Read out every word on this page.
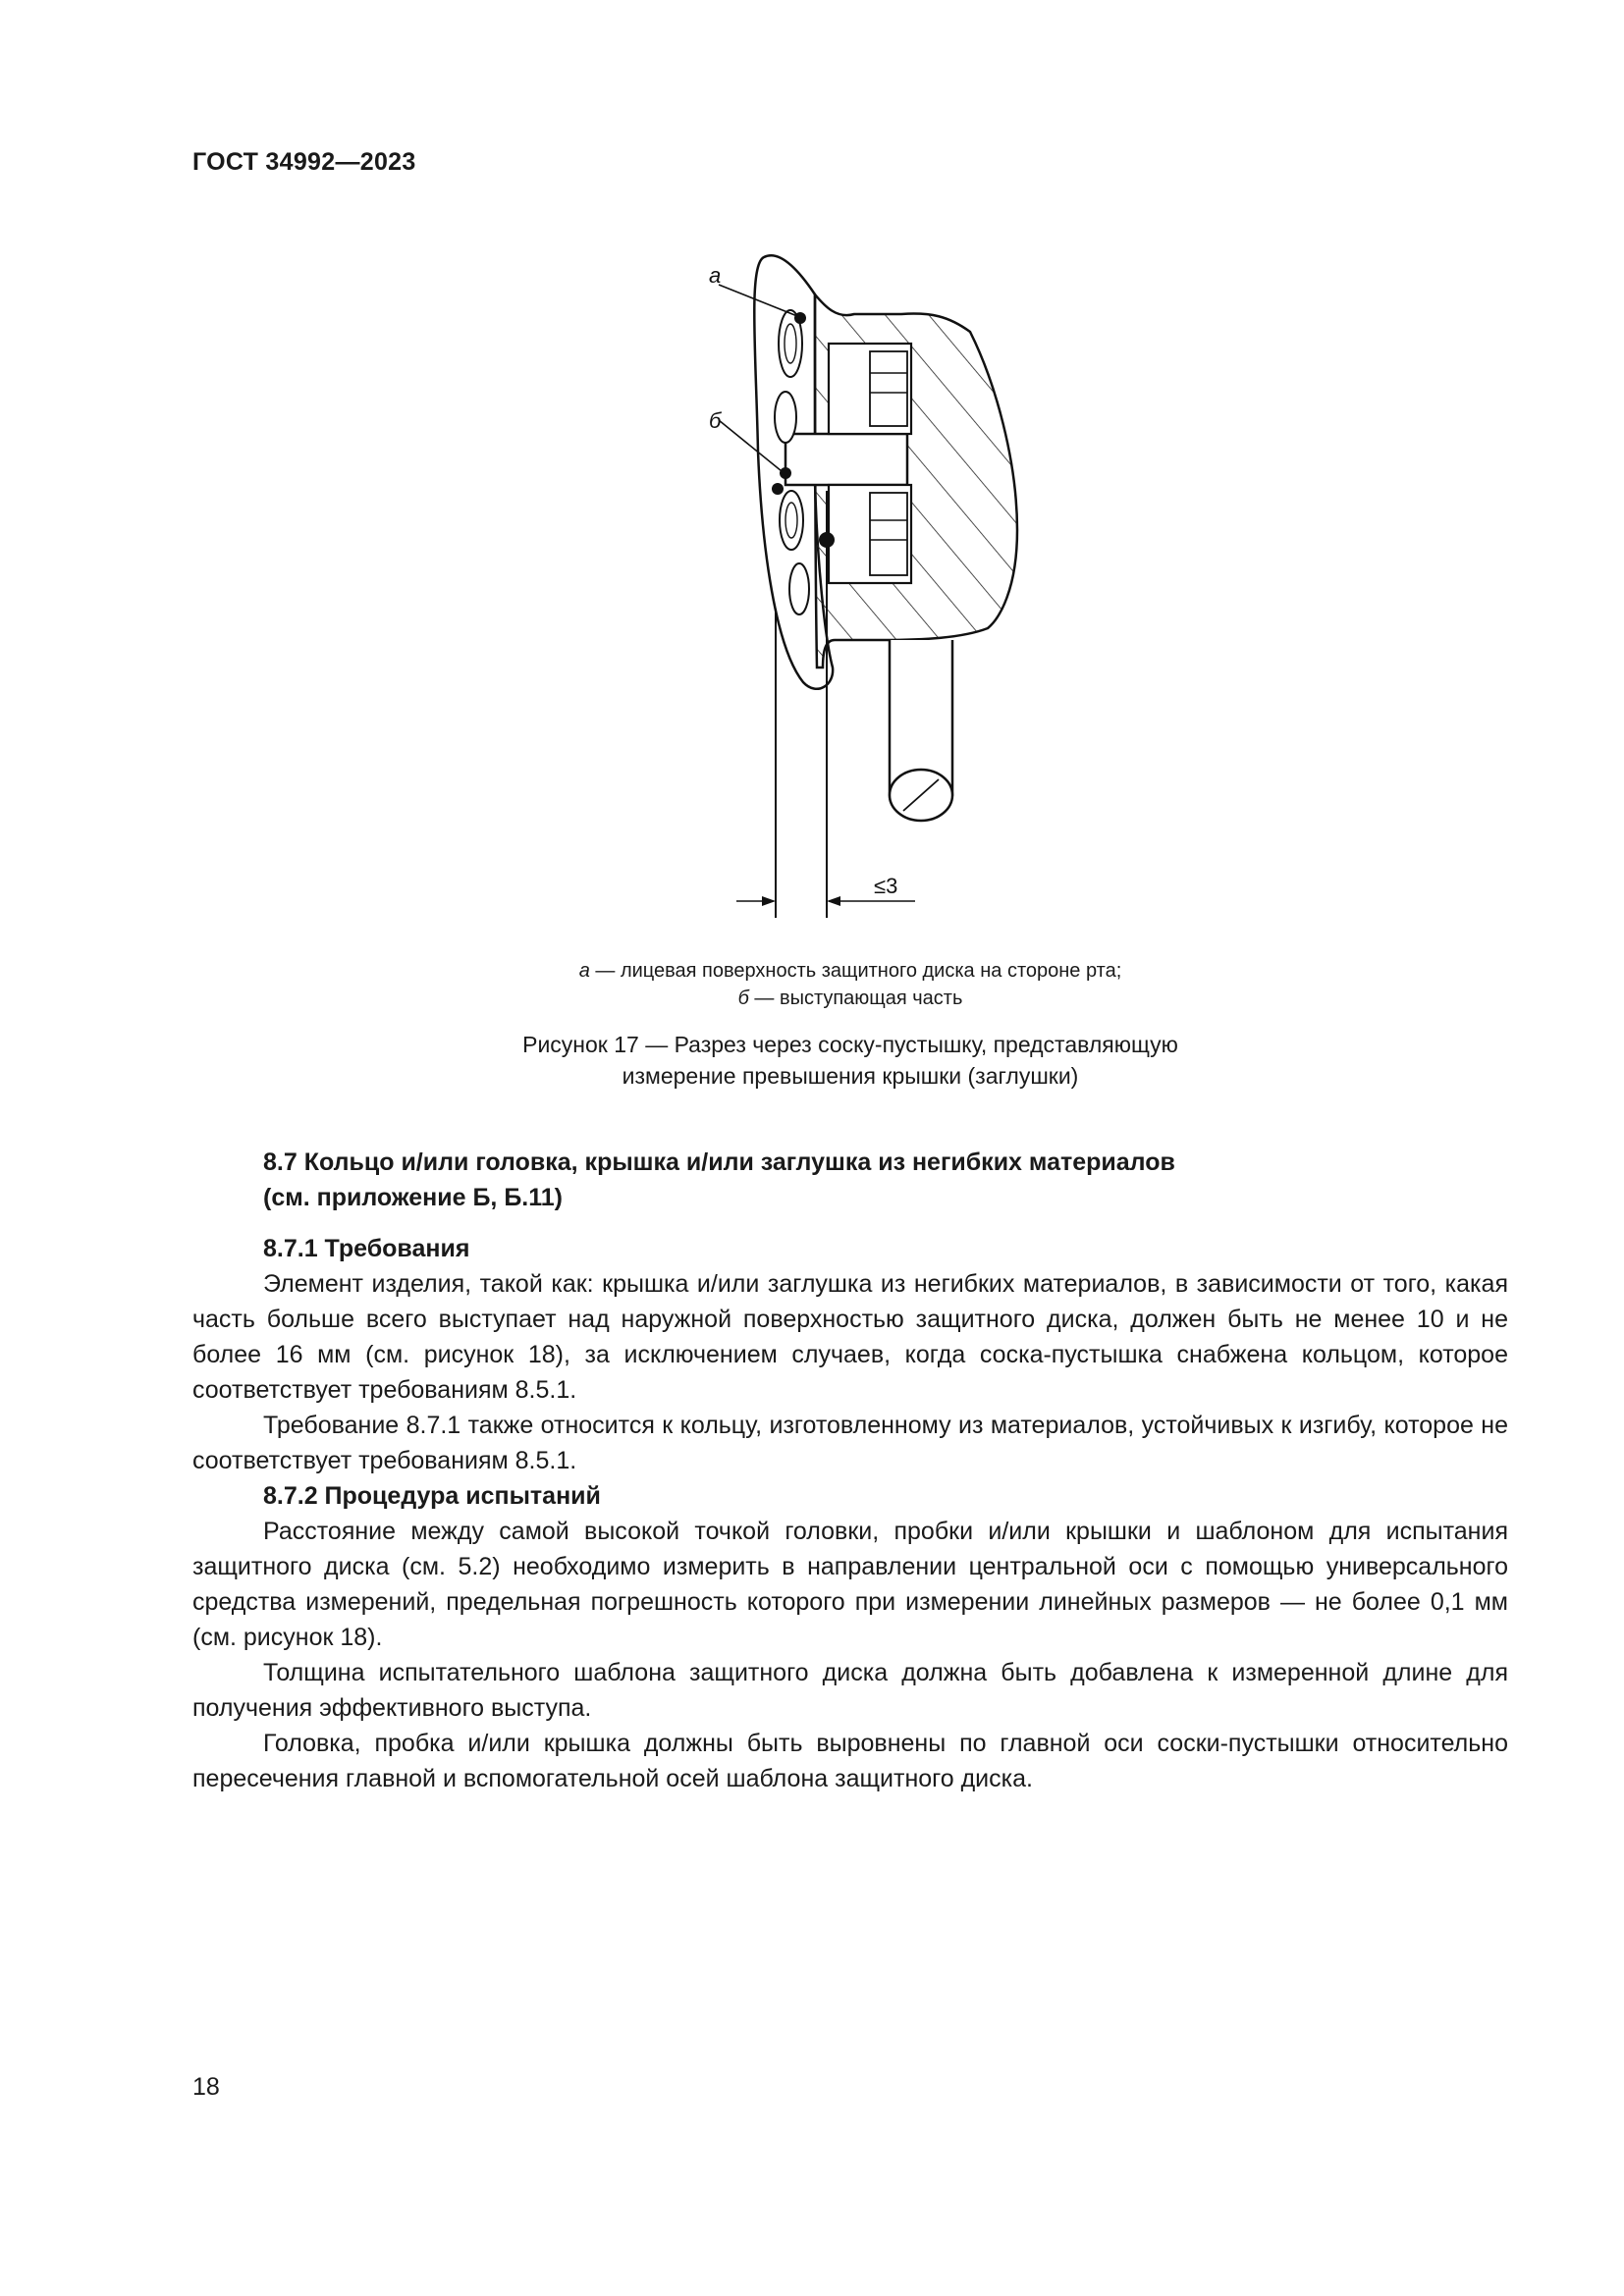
ГОСТ 34992—2023
≤3
а
б
а — лицевая поверхность защитного диска на стороне рта;
б — выступающая часть
Рисунок 17 — Разрез через соску-пустышку, представляющую
измерение превышения крышки (заглушки)
8.7 Кольцо и/или головка, крышка и/или заглушка из негибких материалов
(см. приложение Б, Б.11)
8.7.1 Требования

Элемент изделия, такой как: крышка и/или заглушка из негибких материалов, в зависимости от того, какая часть больше всего выступает над наружной поверхностью защитного диска, должен быть не менее 10 и не более 16 мм (см. рисунок 18), за исключением случаев, когда соска-пустышка снабжена кольцом, которое соответствует требованиям 8.5.1.

Требование 8.7.1 также относится к кольцу, изготовленному из материалов, устойчивых к изгибу, которое не соответствует требованиям 8.5.1.

8.7.2 Процедура испытаний

Расстояние между самой высокой точкой головки, пробки и/или крышки и шаблоном для испытания защитного диска (см. 5.2) необходимо измерить в направлении центральной оси с помощью универсального средства измерений, предельная погрешность которого при измерении линейных размеров — не более 0,1 мм (см. рисунок 18).

Толщина испытательного шаблона защитного диска должна быть добавлена к измеренной длине для получения эффективного выступа.

Головка, пробка и/или крышка должны быть выровнены по главной оси соски-пустышки относительно пересечения главной и вспомогательной осей шаблона защитного диска.

18
